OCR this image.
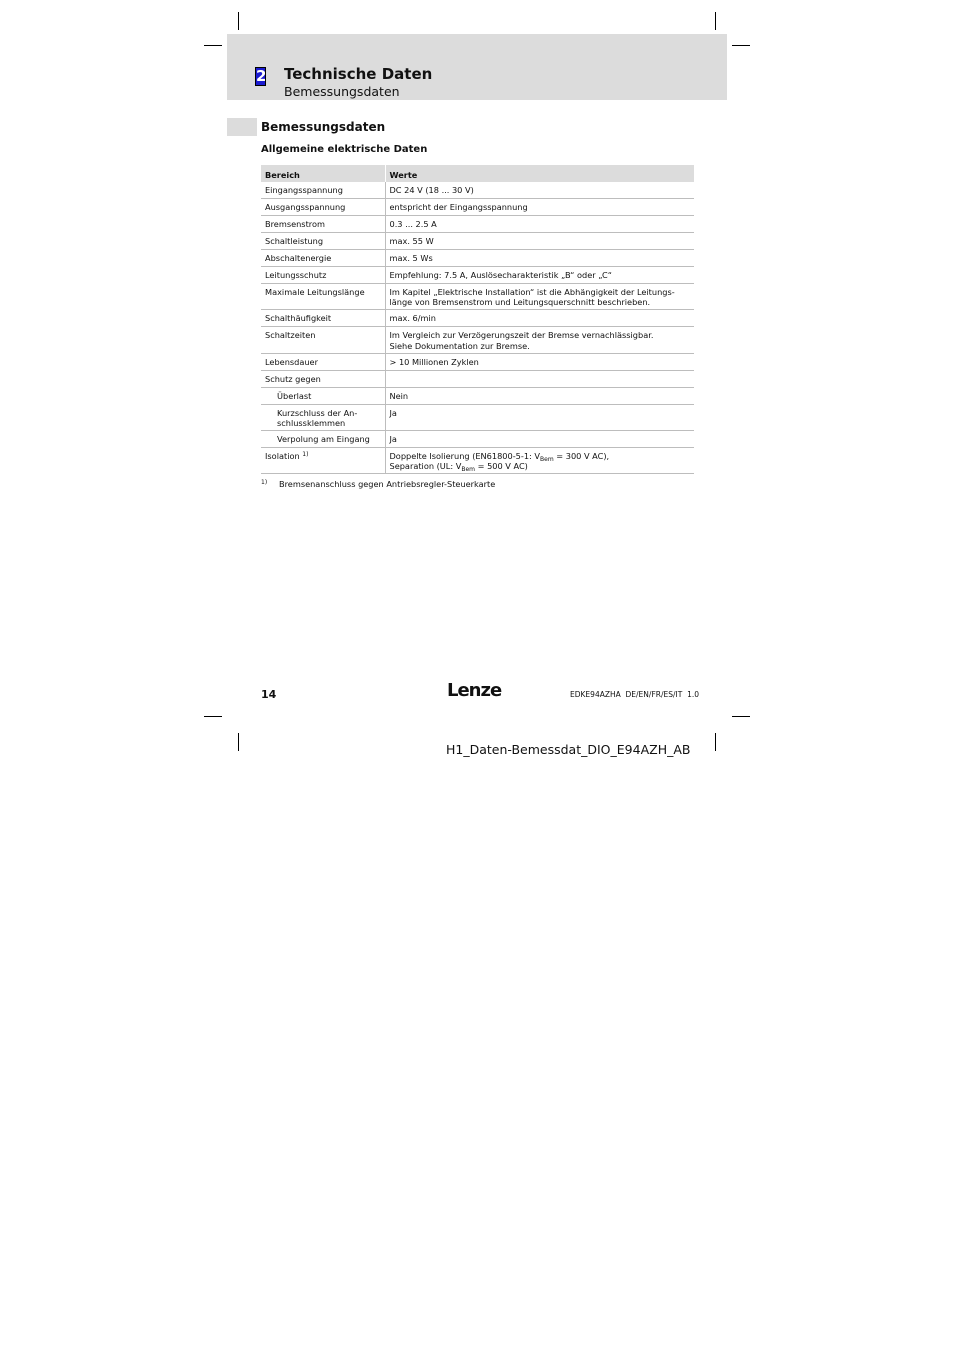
2 Technische Daten
Bemessungsdaten
Bemessungsdaten
Allgemeine elektrische Daten
Bereich	Werte
Eingangsspannung	DC 24 V (18 ... 30 V)
Ausgangsspannung	entspricht der Eingangsspannung
Bremsenstrom	0.3 ... 2.5 A
Schaltleistung	max. 55 W
Abschaltenergie	max. 5 Ws
Leitungsschutz	Empfehlung: 7.5 A, Auslösecharakteristik „B“ oder „C“
Maximale Leitungslänge	Im Kapitel „Elektrische Installation“ ist die Abhängigkeit der Leitungs-
länge von Bremsenstrom und Leitungsquerschnitt beschrieben.

Schalthäufigkeit	max. 6/min
Schaltzeiten	Im Vergleich zur Verzögerungszeit der Bremse vernachlässigbar.
Siehe Dokumentation zur Bremse.

Lebensdauer	> 10 Millionen Zyklen
Schutz gegen	
Überlast	Nein

Kurzschluss der An-
schlussklemmen	Ja
Verpolung am Eingang	Ja
Isolation $^{1)}$	Doppelte Isolierung (EN61800-5-1: $V_{Bem} = 300$ V AC),
Separation (UL: $V_{Bem} = 500$ V AC)
1) Bremsenanschluss gegen Antriebsregler-Steuerkarte
14	Lenze	EDKE94AZHA  DE/EN/FR/ES/IT  1.0
H1_Daten-Bemessdat_DIO_E94AZH_AB
